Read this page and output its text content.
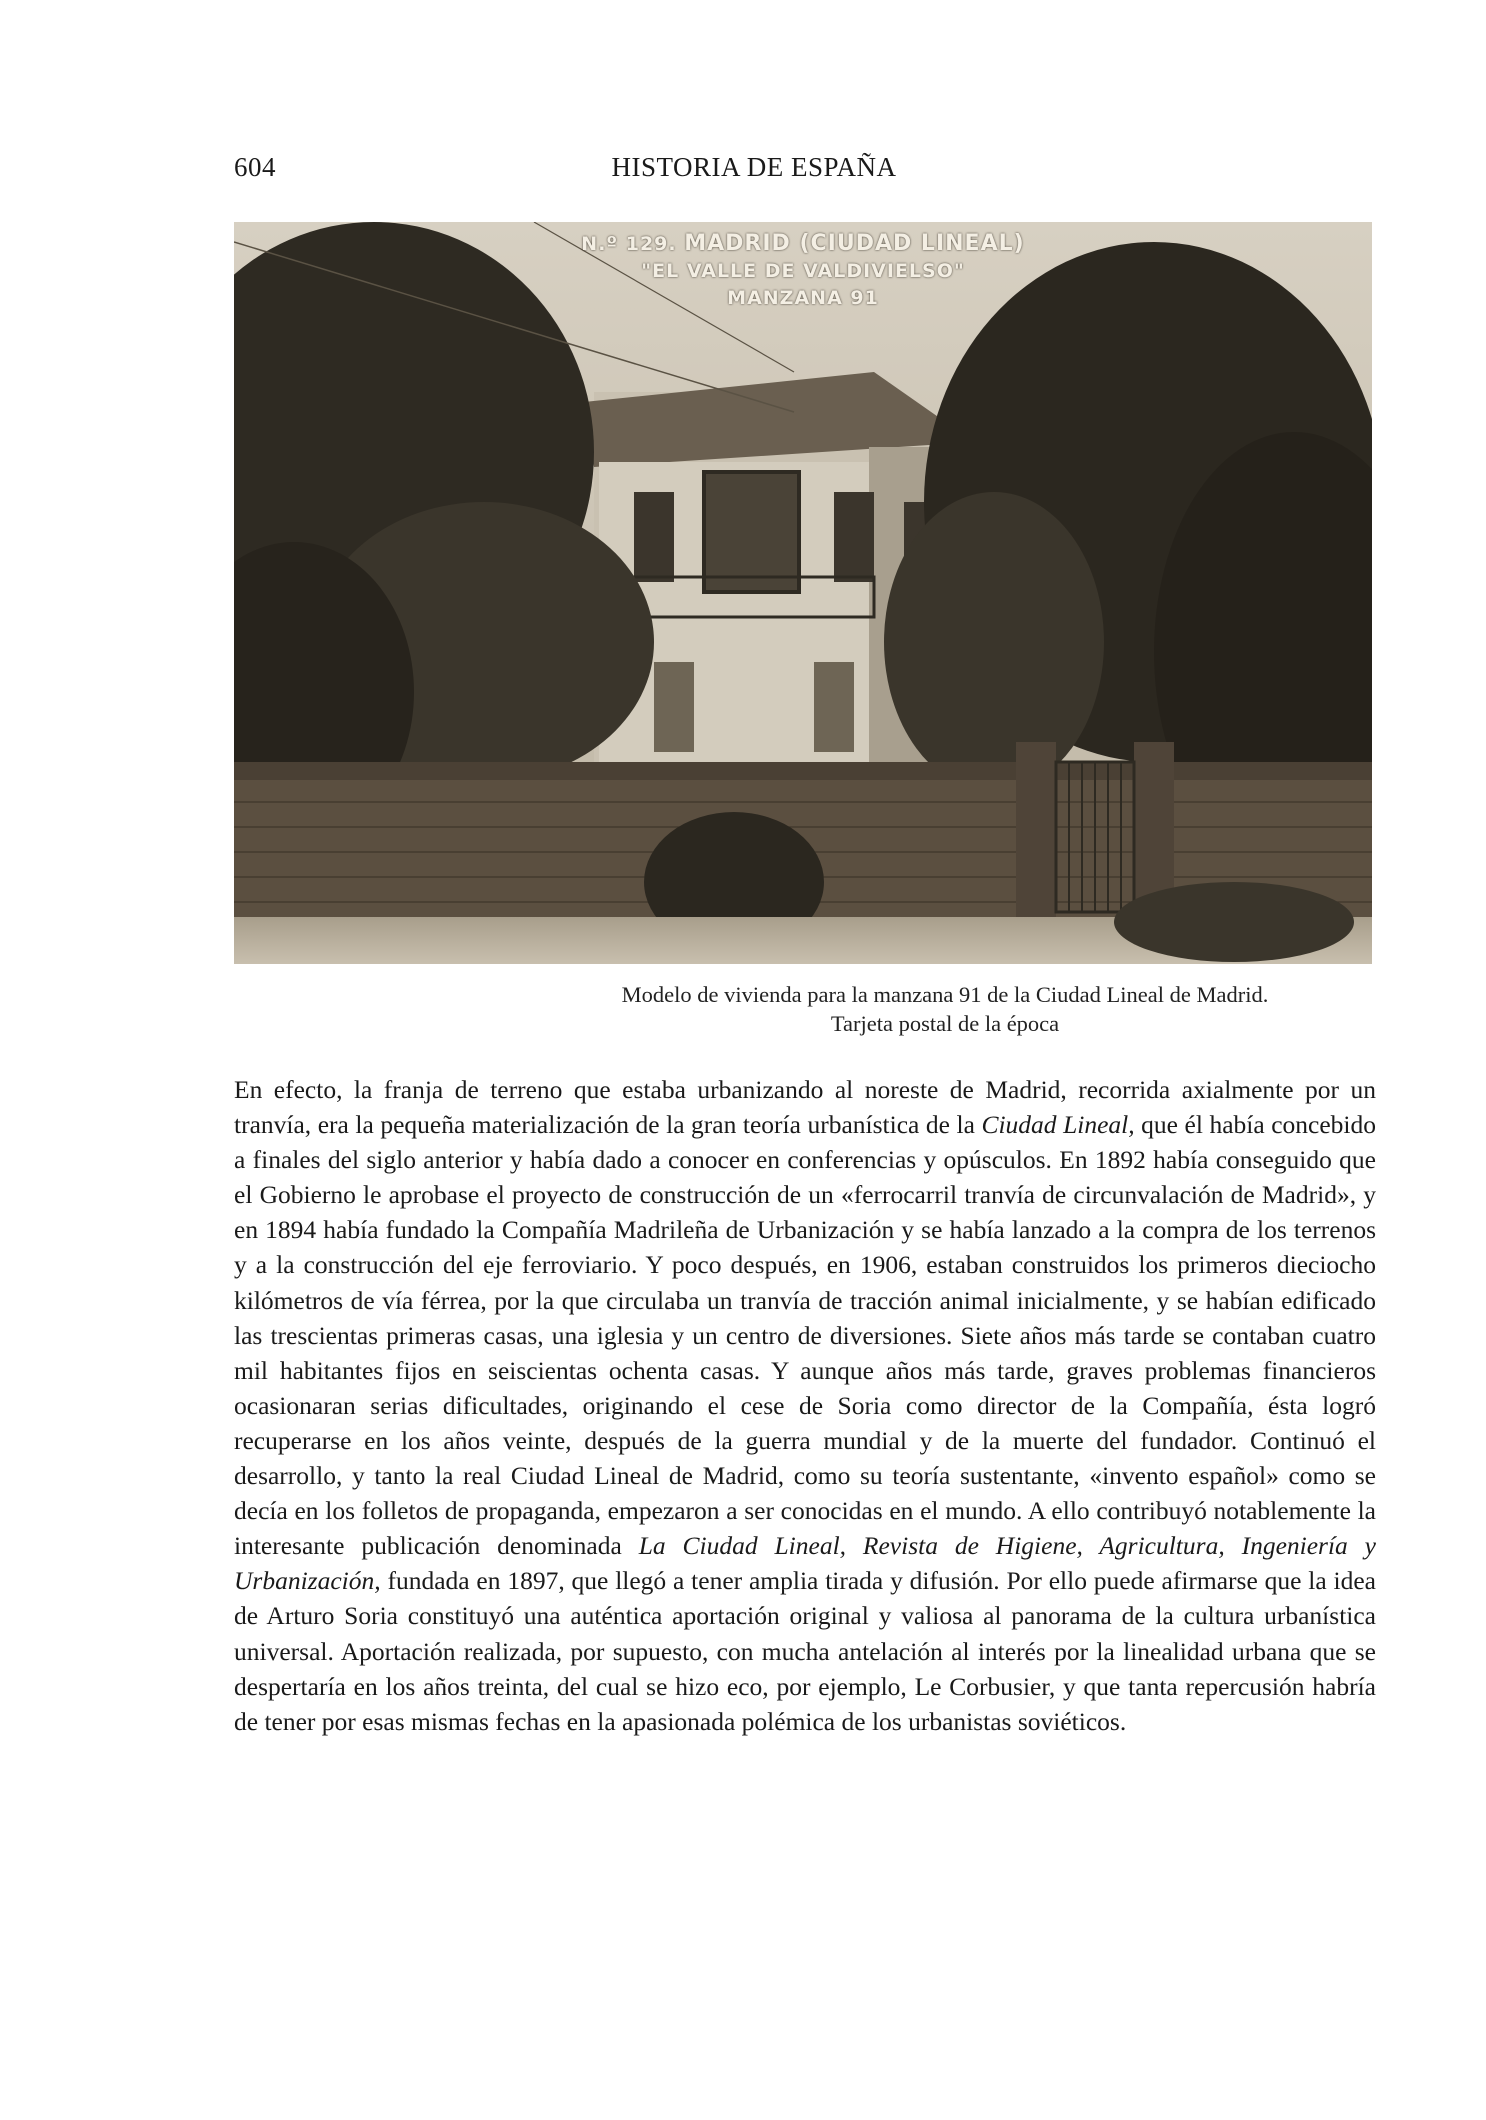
604	HISTORIA DE ESPAÑA
N.º 129. MADRID (CIUDAD LINEAL)
"EL VALLE DE VALDIVIELSO"
MANZANA 91
Modelo de vivienda para la manzana 91 de la Ciudad Lineal de Madrid.
Tarjeta postal de la época

En efecto, la franja de terreno que estaba urbanizando al noreste de Madrid, recorrida axialmente por un tranvía, era la pequeña materialización de la gran teoría urbanística de la Ciudad Lineal, que él había concebido a finales del siglo anterior y había dado a conocer en conferencias y opúsculos. En 1892 había conseguido que el Gobierno le aprobase el proyecto de construcción de un «ferrocarril tranvía de circunvalación de Madrid», y en 1894 había fundado la Compañía Madrileña de Urbanización y se había lanzado a la compra de los terrenos y a la construcción del eje ferroviario. Y poco después, en 1906, estaban construidos los primeros dieciocho kilómetros de vía férrea, por la que circulaba un tranvía de tracción animal inicialmente, y se habían edificado las trescientas primeras casas, una iglesia y un centro de diversiones. Siete años más tarde se contaban cuatro mil habitantes fijos en seiscientas ochenta casas. Y aunque años más tarde, graves problemas financieros ocasionaran serias dificultades, originando el cese de Soria como director de la Compañía, ésta logró recuperarse en los años veinte, después de la guerra mundial y de la muerte del fundador. Continuó el desarrollo, y tanto la real Ciudad Lineal de Madrid, como su teoría sustentante, «invento español» como se decía en los folletos de propaganda, empezaron a ser conocidas en el mundo. A ello contribuyó notablemente la interesante publicación denominada La Ciudad Lineal, Revista de Higiene, Agricultura, Ingeniería y Urbanización, fundada en 1897, que llegó a tener amplia tirada y difusión. Por ello puede afirmarse que la idea de Arturo Soria constituyó una auténtica aportación original y valiosa al panorama de la cultura urbanística universal. Aportación realizada, por supuesto, con mucha antelación al interés por la linealidad urbana que se despertaría en los años treinta, del cual se hizo eco, por ejemplo, Le Corbusier, y que tanta repercusión habría de tener por esas mismas fechas en la apasionada polémica de los urbanistas soviéticos.
